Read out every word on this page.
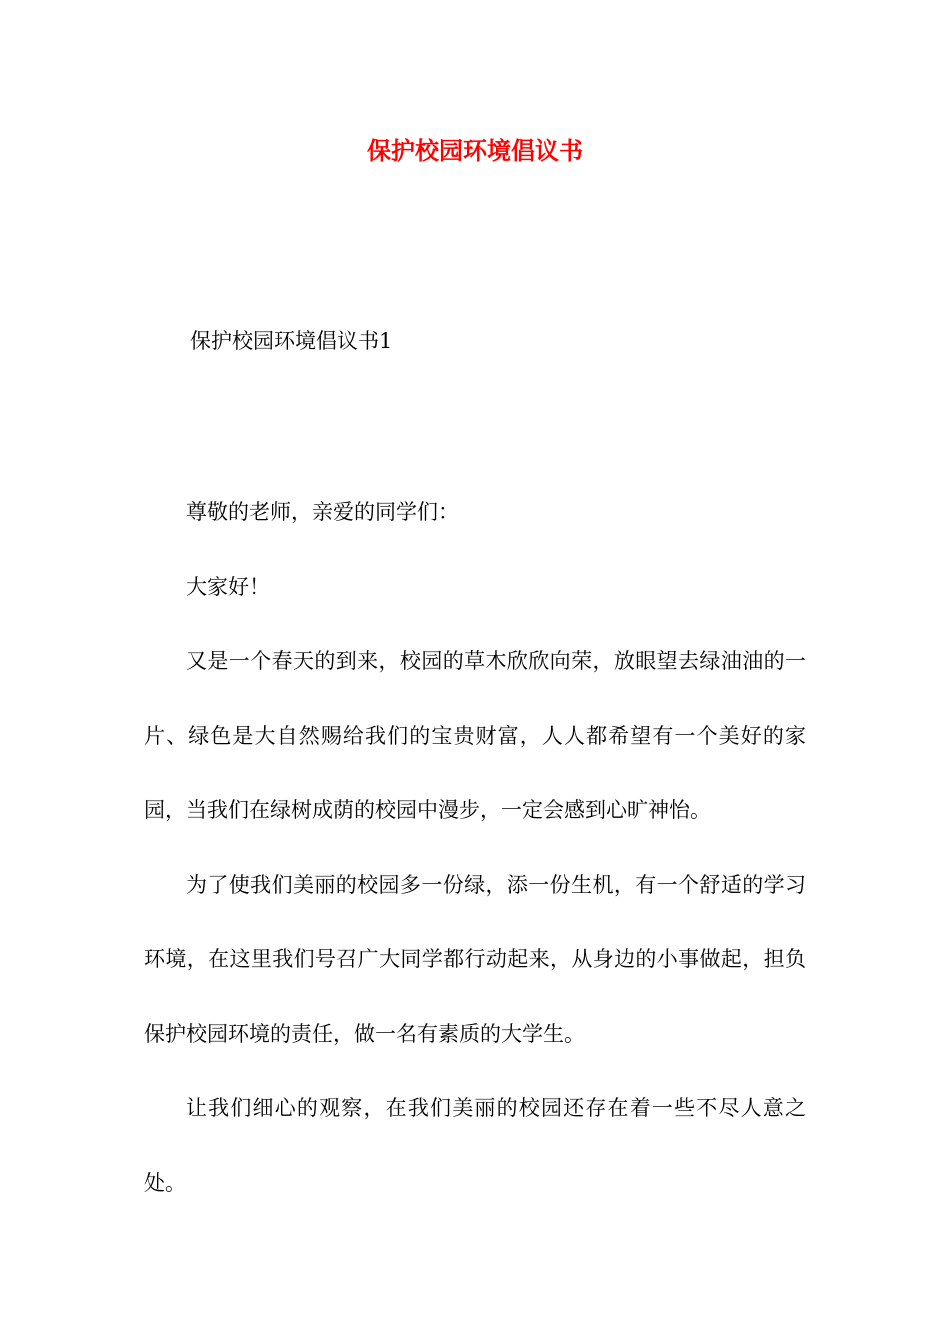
保护校园环境倡议书
保护校园环境倡议书1

尊敬的老师，亲爱的同学们：

大家好！

又是一个春天的到来，校园的草木欣欣向荣，放眼望去绿油油的一片、绿色是大自然赐给我们的宝贵财富，人人都希望有一个美好的家园，当我们在绿树成荫的校园中漫步，一定会感到心旷神怡。

为了使我们美丽的校园多一份绿，添一份生机，有一个舒适的学习环境，在这里我们号召广大同学都行动起来，从身边的小事做起，担负保护校园环境的责任，做一名有素质的大学生。

让我们细心的观察，在我们美丽的校园还存在着一些不尽人意之处。
